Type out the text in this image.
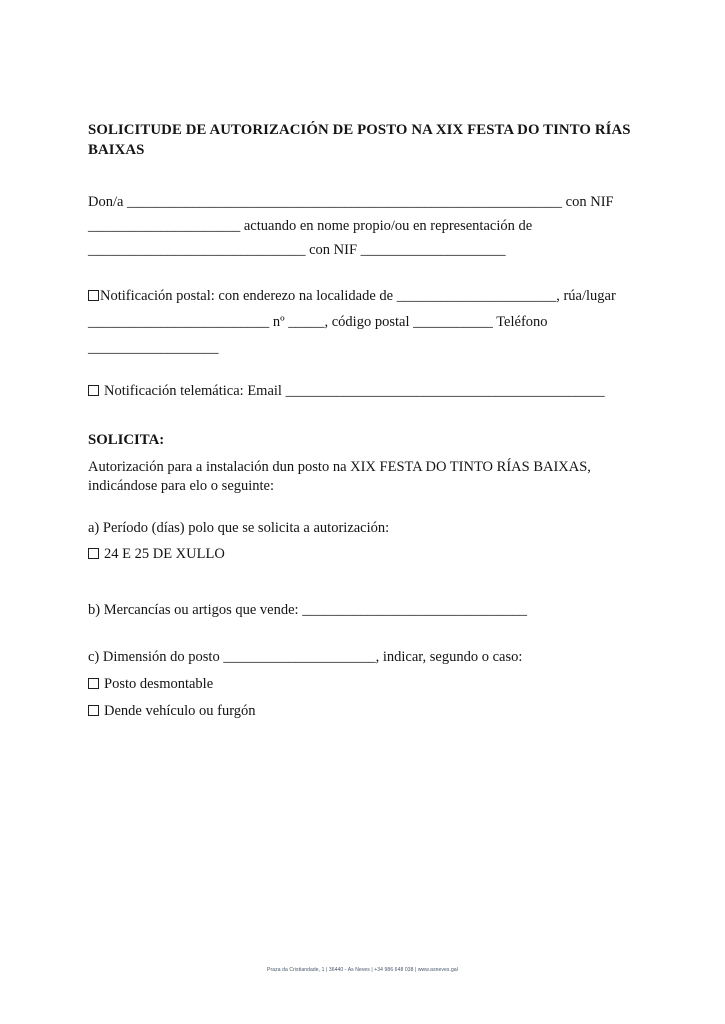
SOLICITUDE DE AUTORIZACIÓN DE POSTO NA XIX FESTA DO TINTO RÍAS BAIXAS
Don/a ____________________________________________________________ con NIF
_____________________ actuando en nome propio/ou en representación de
______________________________ con NIF ____________________
Notificación postal: con enderezo na localidade de ______________________, rúa/lugar
_________________________ nº _____, código postal ___________ Teléfono
__________________
Notificación telemática: Email ____________________________________________
SOLICITA:
Autorización para a instalación dun posto na XIX FESTA DO TINTO RÍAS BAIXAS, indicándose para elo o seguinte:
a) Período (días) polo que se solicita a autorización:
24 E 25 DE XULLO
b) Mercancías ou artigos que vende: _______________________________
c) Dimensión do posto _____________________, indicar, segundo o caso:
Posto desmontable
Dende vehículo ou furgón
Praza da Cristiandade, 1 | 36440 - As Neves | +34 986 648 038 | www.asneves.gal
